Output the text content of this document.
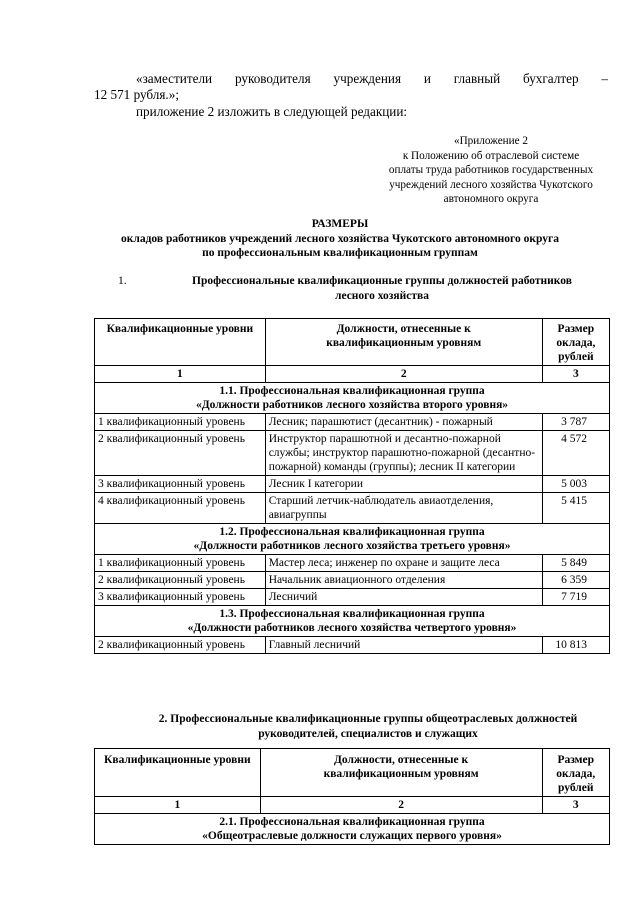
«заместители руководителя учреждения и главный бухгалтер –
12 571 рубля.»;
приложение 2 изложить в следующей редакции:
«Приложение 2
к Положению об отраслевой системе
оплаты труда работников государственных
учреждений лесного хозяйства Чукотского
автономного округа
РАЗМЕРЫ
окладов работников учреждений лесного хозяйства Чукотского автономного округа
по профессиональным квалификационным группам
1.	Профессиональные квалификационные группы должностей работников
лесного хозяйства
Квалификационные уровни	Должности, отнесенные к квалификационным уровням	Размер оклада, рублей
1	2	3

1.1. Профессиональная квалификационная группа
«Должности работников лесного хозяйства второго уровня»		

1 квалификационный уровень	Лесник; парашютист (десантник) - пожарный	3 787
2 квалификационный уровень	Инструктор парашютной и десантно-пожарной службы; инструктор парашютно-пожарной (десантно-пожарной) команды (группы); лесник II категории	4 572
3 квалификационный уровень	Лесник I категории	5 003
4 квалификационный уровень	Старший летчик-наблюдатель авиаотделения, авиагруппы	5 415

1.2. Профессиональная квалификационная группа
«Должности работников лесного хозяйства третьего уровня»		

1 квалификационный уровень	Мастер леса; инженер по охране и защите леса	5 849
2 квалификационный уровень	Начальник авиационного отделения	6 359
3 квалификационный уровень	Лесничий	7 719

1.3. Профессиональная квалификационная группа
«Должности работников лесного хозяйства четвертого уровня»		

2 квалификационный уровень	Главный лесничий	10 813
2. Профессиональные квалификационные группы общеотраслевых должностей
руководителей, специалистов и служащих
Квалификационные уровни	Должности, отнесенные к квалификационным уровням	Размер оклада, рублей
1	2	3

2.1. Профессиональная квалификационная группа
«Общеотраслевые должности служащих первого уровня»		
